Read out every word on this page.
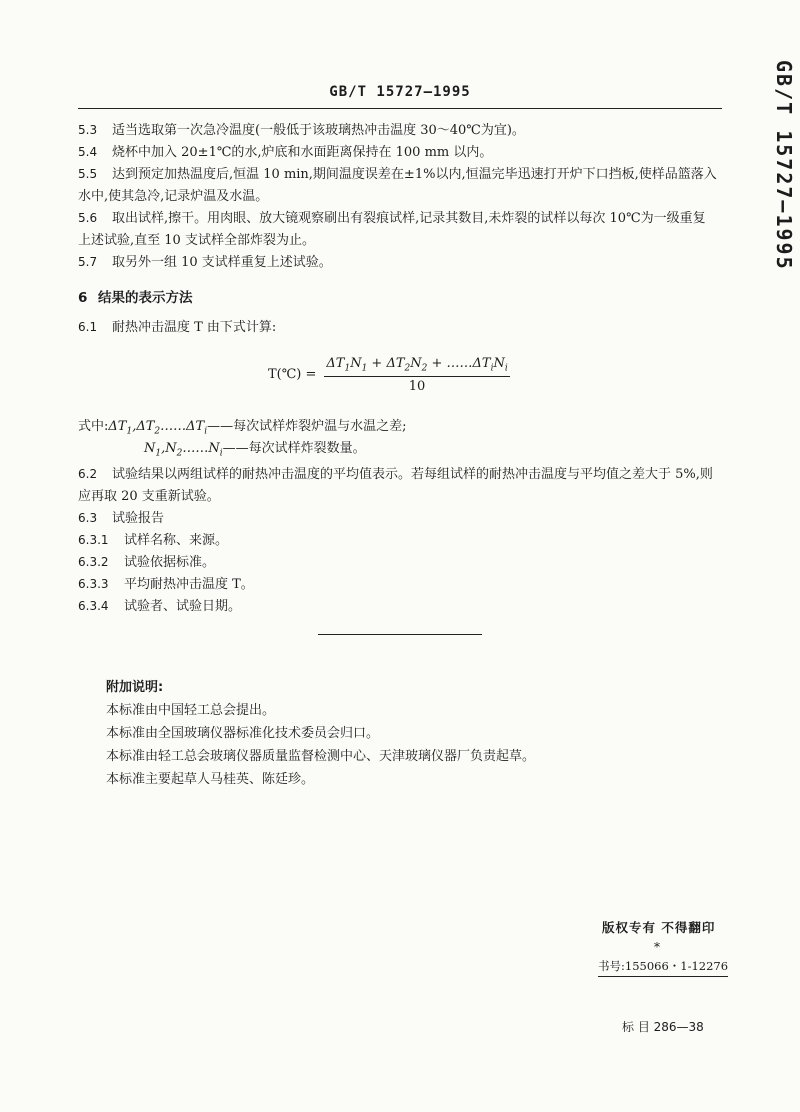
GB/T 15727—1995	GB/T 15727—1995
5.3 适当选取第一次急冷温度(一般低于该玻璃热冲击温度 30～40℃为宜)。
5.4 烧杯中加入 20±1℃的水,炉底和水面距离保持在 100 mm 以内。
5.5 达到预定加热温度后,恒温 10 min,期间温度误差在±1%以内,恒温完毕迅速打开炉下口挡板,使样品篮落入水中,使其急冷,记录炉温及水温。
5.6 取出试样,擦干。用肉眼、放大镜观察刷出有裂痕试样,记录其数目,未炸裂的试样以每次 10℃为一级重复上述试验,直至 10 支试样全部炸裂为止。
5.7 取另外一组 10 支试样重复上述试验。
6 结果的表示方法
6.1 耐热冲击温度 T 由下式计算:
T(℃) = $\frac{\Delta T_1N_1 + \Delta T_2N_2 + \dots\dots\Delta T_iN_i}{10}$
式中$:\Delta T_1,\Delta T_2\dots\dots\Delta T_i——$每次试样炸裂炉温与水温之差;
$N_1,N_2\dots\dots N_i——$每次试样炸裂数量。
6.2 试验结果以两组试样的耐热冲击温度的平均值表示。若每组试样的耐热冲击温度与平均值之差大于 5%,则应再取 20 支重新试验。
6.3 试验报告
6.3.1 试样名称、来源。
6.3.2 试验依据标准。
6.3.3 平均耐热冲击温度 T。
6.3.4 试验者、试验日期。
附加说明:
本标准由中国轻工总会提出。
本标准由全国玻璃仪器标准化技术委员会归口。
本标准由轻工总会玻璃仪器质量监督检测中心、天津玻璃仪器厂负责起草。
本标准主要起草人马桂英、陈廷珍。
版权专有 不得翻印
*
书号:155066・1-12276
标 目 286—38
